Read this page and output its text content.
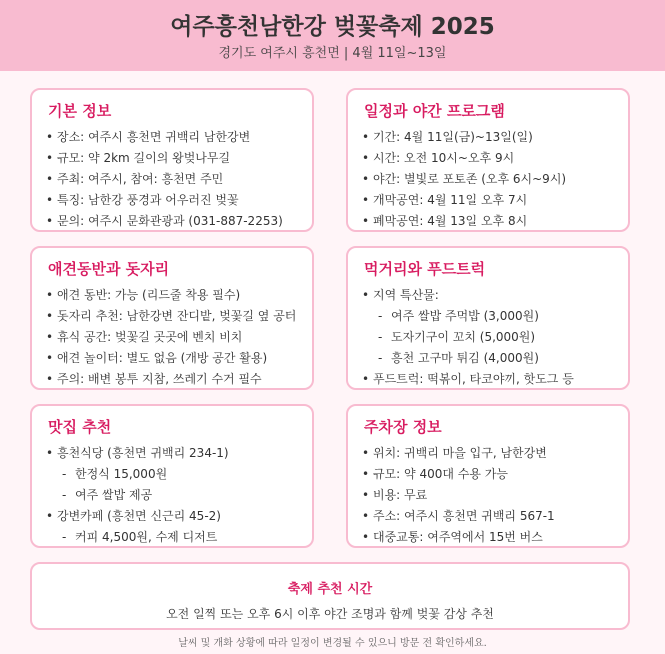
여주흥천남한강 벚꽃축제 2025
경기도 여주시 흥천면 | 4월 11일~13일
기본 정보
• 장소: 여주시 흥천면 귀백리 남한강변
• 규모: 약 2km 길이의 왕벚나무길
• 주최: 여주시, 참여: 흥천면 주민
• 특징: 남한강 풍경과 어우러진 벚꽃
• 문의: 여주시 문화관광과 (031-887-2253)
일정과 야간 프로그램
• 기간: 4월 11일(금)~13일(일)
• 시간: 오전 10시~오후 9시
• 야간: 별빛로 포토존 (오후 6시~9시)
• 개막공연: 4월 11일 오후 7시
• 폐막공연: 4월 13일 오후 8시
애견동반과 돗자리
• 애견 동반: 가능 (리드줄 착용 필수)
• 돗자리 추천: 남한강변 잔디밭, 벚꽃길 옆 공터
• 휴식 공간: 벚꽃길 곳곳에 벤치 비치
• 애견 놀이터: 별도 없음 (개방 공간 활용)
• 주의: 배변 봉투 지참, 쓰레기 수거 필수
먹거리와 푸드트럭
• 지역 특산물:
- 여주 쌀밥 주먹밥 (3,000원)
- 도자기구이 꼬치 (5,000원)
- 흥천 고구마 튀김 (4,000원)
• 푸드트럭: 떡볶이, 타코야끼, 핫도그 등
맛집 추천
• 흥천식당 (흥천면 귀백리 234-1)
- 한정식 15,000원
- 여주 쌀밥 제공
• 강변카페 (흥천면 신근리 45-2)
- 커피 4,500원, 수제 디저트
주차장 정보
• 위치: 귀백리 마을 입구, 남한강변
• 규모: 약 400대 수용 가능
• 비용: 무료
• 주소: 여주시 흥천면 귀백리 567-1
• 대중교통: 여주역에서 15번 버스
축제 추천 시간
오전 일찍 또는 오후 6시 이후 야간 조명과 함께 벚꽃 감상 추천
날씨 및 개화 상황에 따라 일정이 변경될 수 있으니 방문 전 확인하세요.
